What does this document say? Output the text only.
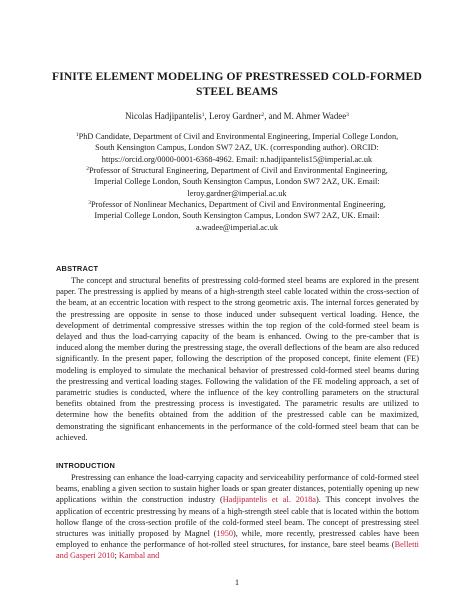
FINITE ELEMENT MODELING OF PRESTRESSED COLD-FORMED
STEEL BEAMS
Nicolas Hadjipantelis$^1$, Leroy Gardner$^2$, and M. Ahmer Wadee$^3$
$^1$PhD Candidate, Department of Civil and Environmental Engineering, Imperial College London,
South Kensington Campus, London SW7 2AZ, UK. (corresponding author). ORCID:
https://orcid.org/0000-0001-6368-4962. Email: n.hadjipantelis15@imperial.ac.uk
$^2$Professor of Structural Engineering, Department of Civil and Environmental Engineering,
Imperial College London, South Kensington Campus, London SW7 2AZ, UK. Email:
leroy.gardner@imperial.ac.uk
$^3$Professor of Nonlinear Mechanics, Department of Civil and Environmental Engineering,
Imperial College London, South Kensington Campus, London SW7 2AZ, UK. Email:
a.wadee@imperial.ac.uk
ABSTRACT
The concept and structural benefits of prestressing cold-formed steel beams are explored in the present paper. The prestressing is applied by means of a high-strength steel cable located within the cross-section of the beam, at an eccentric location with respect to the strong geometric axis. The internal forces generated by the prestressing are opposite in sense to those induced under subsequent vertical loading. Hence, the development of detrimental compressive stresses within the top region of the cold-formed steel beam is delayed and thus the load-carrying capacity of the beam is enhanced. Owing to the pre-camber that is induced along the member during the prestressing stage, the overall deflections of the beam are also reduced significantly. In the present paper, following the description of the proposed concept, finite element (FE) modeling is employed to simulate the mechanical behavior of prestressed cold-formed steel beams during the prestressing and vertical loading stages. Following the validation of the FE modeling approach, a set of parametric studies is conducted, where the influence of the key controlling parameters on the structural benefits obtained from the prestressing process is investigated. The parametric results are utilized to determine how the benefits obtained from the addition of the prestressed cable can be maximized, demonstrating the significant enhancements in the performance of the cold-formed steel beam that can be achieved.
INTRODUCTION
Prestressing can enhance the load-carrying capacity and serviceability performance of cold-formed steel beams, enabling a given section to sustain higher loads or span greater distances, potentially opening up new applications within the construction industry (Hadjipantelis et al. 2018a). This concept involves the application of eccentric prestressing by means of a high-strength steel cable that is located within the bottom hollow flange of the cross-section profile of the cold-formed steel beam. The concept of prestressing steel structures was initially proposed by Magnel (1950), while, more recently, prestressed cables have been employed to enhance the performance of hot-rolled steel structures, for instance, bare steel beams (Belletti and Gasperi 2010; Kambal and
1
